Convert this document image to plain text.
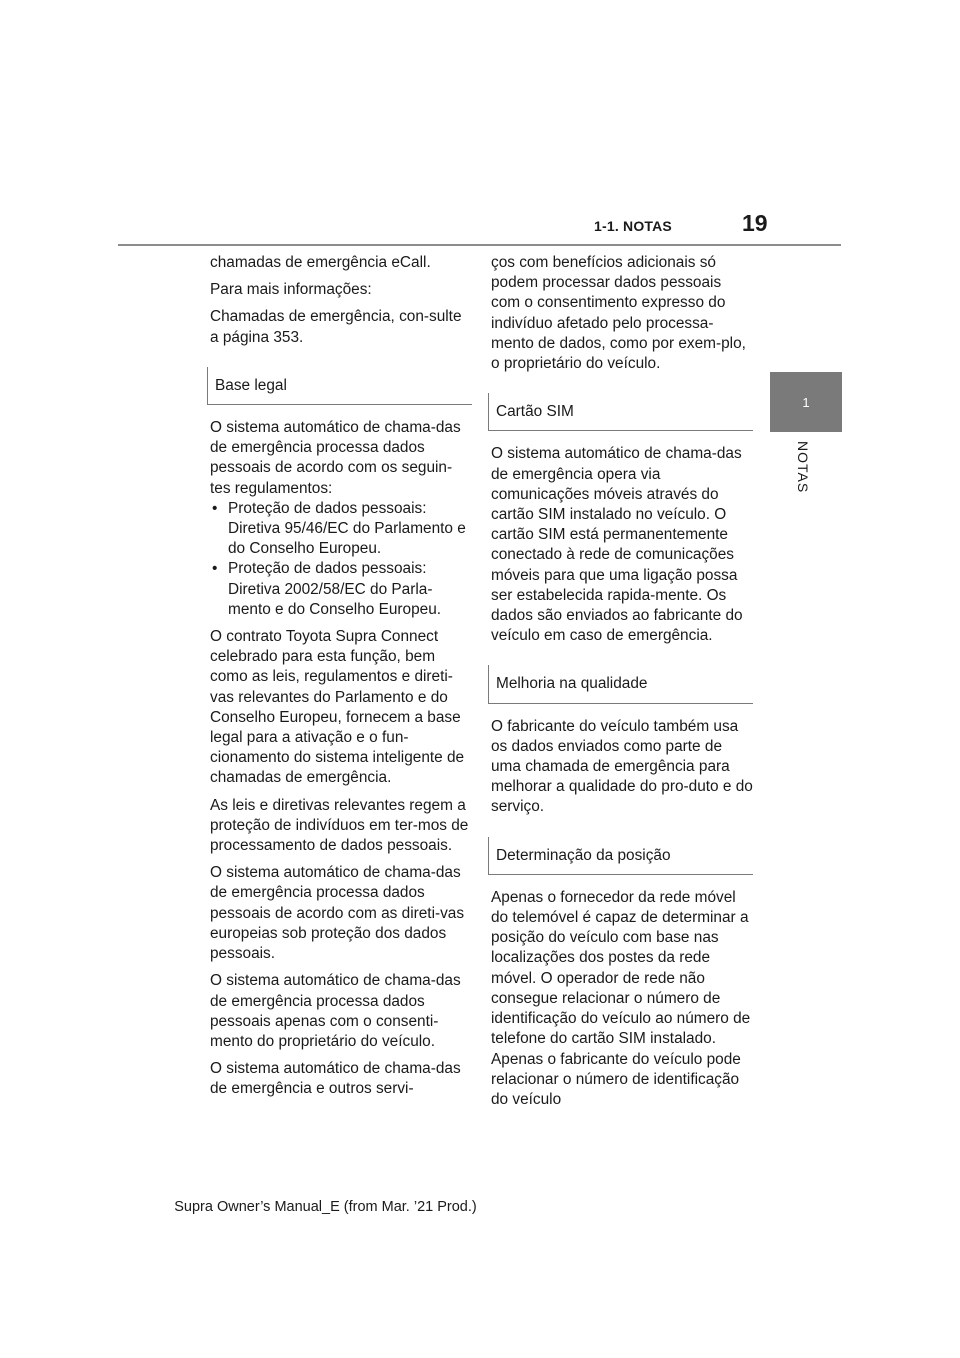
1-1. NOTAS	19
1
NOTAS

chamadas de emergência eCall.

Para mais informações:

Chamadas de emergência, con-sulte a página 353.

Base legal

O sistema automático de chama-das de emergência processa dados pessoais de acordo com os seguin-tes regulamentos:

• Proteção de dados pessoais: Diretiva 95/46/EC do Parlamento e do Conselho Europeu.
• Proteção de dados pessoais: Diretiva 2002/58/EC do Parla-mento e do Conselho Europeu.

O contrato Toyota Supra Connect celebrado para esta função, bem como as leis, regulamentos e direti-vas relevantes do Parlamento e do Conselho Europeu, fornecem a base legal para a ativação e o fun-cionamento do sistema inteligente de chamadas de emergência.

As leis e diretivas relevantes regem a proteção de indivíduos em ter-mos de processamento de dados pessoais.

O sistema automático de chama-das de emergência processa dados pessoais de acordo com as direti-vas europeias sob proteção dos dados pessoais.

O sistema automático de chama-das de emergência processa dados pessoais apenas com o consenti-mento do proprietário do veículo.

O sistema automático de chama-das de emergência e outros servi-

ços com benefícios adicionais só podem processar dados pessoais com o consentimento expresso do indivíduo afetado pelo processa-mento de dados, como por exem-plo, o proprietário do veículo.

Cartão SIM

O sistema automático de chama-das de emergência opera via comunicações móveis através do cartão SIM instalado no veículo. O cartão SIM está permanentemente conectado à rede de comunicações móveis para que uma ligação possa ser estabelecida rapida-mente. Os dados são enviados ao fabricante do veículo em caso de emergência.

Melhoria na qualidade

O fabricante do veículo também usa os dados enviados como parte de uma chamada de emergência para melhorar a qualidade do pro-duto e do serviço.

Determinação da posição

Apenas o fornecedor da rede móvel do telemóvel é capaz de determinar a posição do veículo com base nas localizações dos postes da rede móvel. O operador de rede não consegue relacionar o número de identificação do veículo ao número de telefone do cartão SIM instalado. Apenas o fabricante do veículo pode relacionar o número de identificação do veículo

Supra Owner’s Manual_E (from Mar. ’21 Prod.)
